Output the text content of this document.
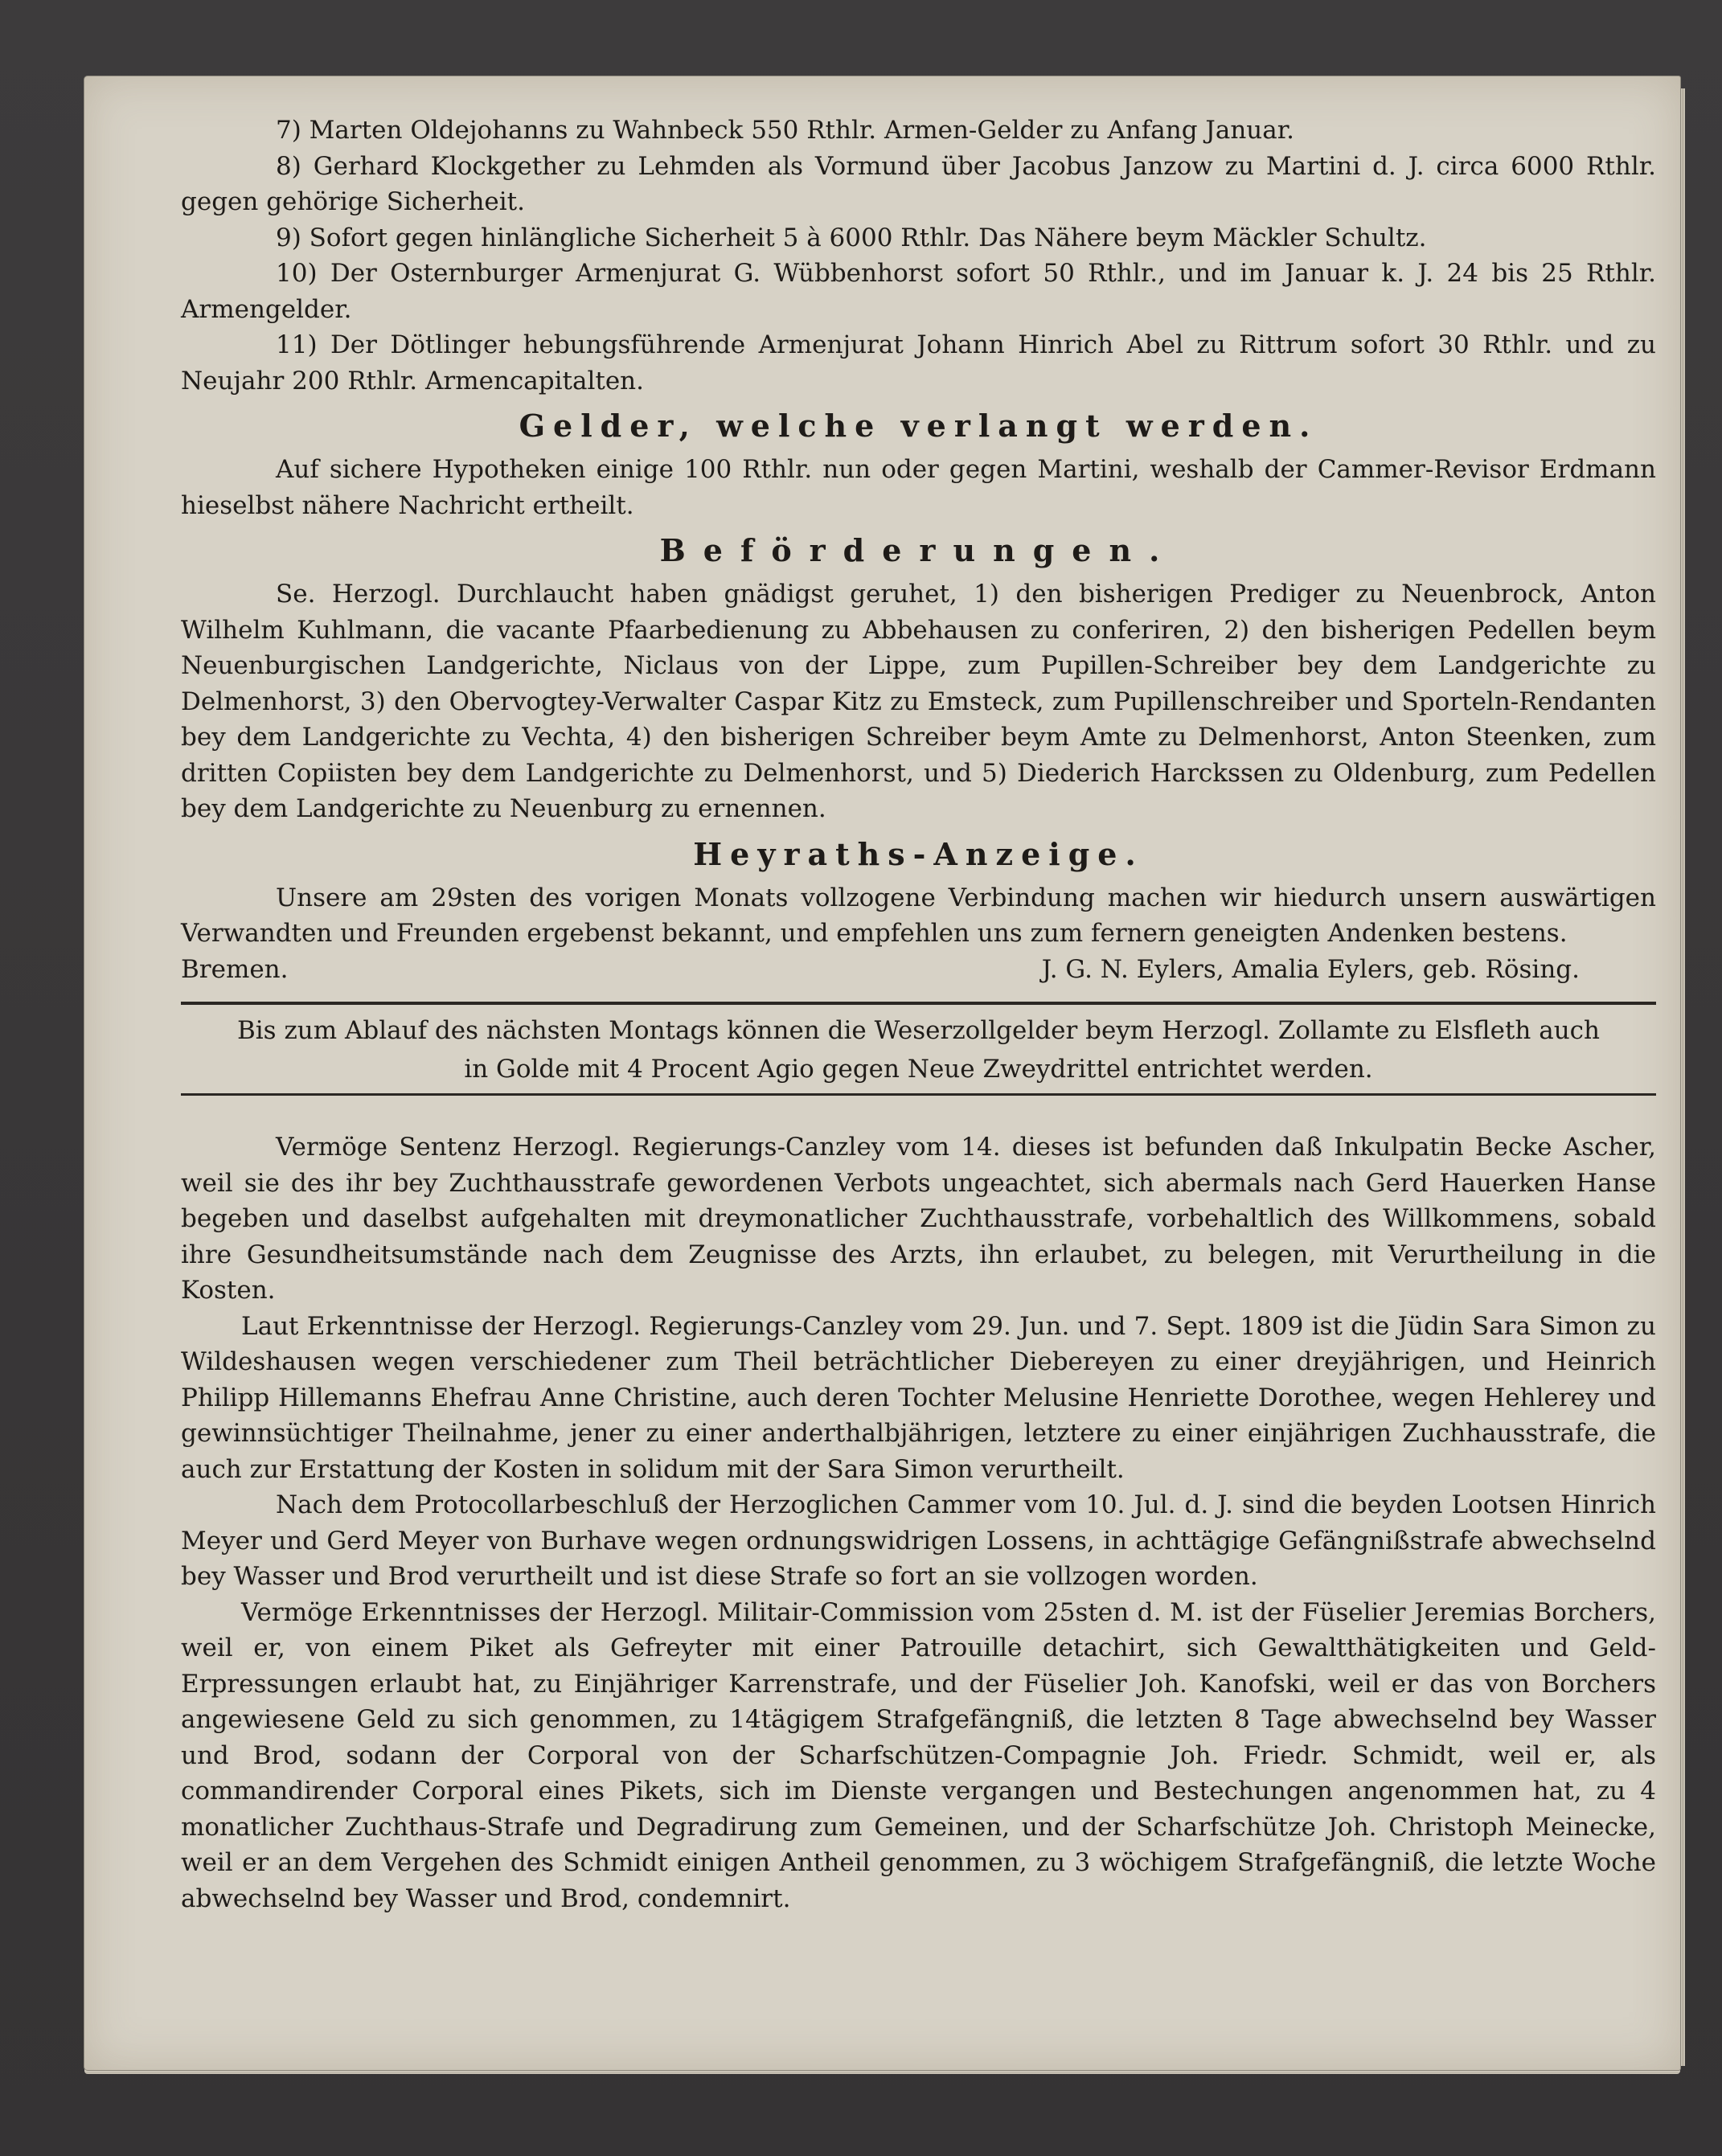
7) Marten Oldejohanns zu Wahnbeck 550 Rthlr. Armen-Gelder zu Anfang Januar.

8) Gerhard Klockgether zu Lehmden als Vormund über Jacobus Janzow zu Martini d. J. circa 6000 Rthlr. gegen gehörige Sicherheit.

9) Sofort gegen hinlängliche Sicherheit 5 à 6000 Rthlr. Das Nähere beym Mäckler Schultz.

10) Der Osternburger Armenjurat G. Wübbenhorst sofort 50 Rthlr., und im Januar k. J. 24 bis 25 Rthlr. Armengelder.

11) Der Dötlinger hebungsführende Armenjurat Johann Hinrich Abel zu Rittrum sofort 30 Rthlr. und zu Neujahr 200 Rthlr. Armencapitalten.

Gelder, welche verlangt werden.

Auf sichere Hypotheken einige 100 Rthlr. nun oder gegen Martini, weshalb der Cammer-Revisor Erdmann hieselbst nähere Nachricht ertheilt.

Beförderungen.

Se. Herzogl. Durchlaucht haben gnädigst geruhet, 1) den bisherigen Prediger zu Neuenbrock, Anton Wilhelm Kuhlmann, die vacante Pfaarbedienung zu Abbehausen zu conferiren, 2) den bisherigen Pedellen beym Neuenburgischen Landgerichte, Niclaus von der Lippe, zum Pupillen-Schreiber bey dem Landgerichte zu Delmenhorst, 3) den Obervogtey-Verwalter Caspar Kitz zu Emsteck, zum Pupillenschreiber und Sporteln-Rendanten bey dem Landgerichte zu Vechta, 4) den bisherigen Schreiber beym Amte zu Delmenhorst, Anton Steenken, zum dritten Copiisten bey dem Landgerichte zu Delmenhorst, und 5) Diederich Harckssen zu Oldenburg, zum Pedellen bey dem Landgerichte zu Neuenburg zu ernennen.

Heyraths-Anzeige.

Unsere am 29sten des vorigen Monats vollzogene Verbindung machen wir hiedurch unsern auswärtigen Verwandten und Freunden ergebenst bekannt, und empfehlen uns zum fernern geneigten Andenken bestens.

Bremen.	J. G. N. Eylers, Amalia Eylers, geb. Rösing.

Bis zum Ablauf des nächsten Montags können die Weserzollgelder beym Herzogl. Zollamte zu Elsfleth auch
in Golde mit 4 Procent Agio gegen Neue Zweydrittel entrichtet werden.

Vermöge Sentenz Herzogl. Regierungs-Canzley vom 14. dieses ist befunden daß Inkulpatin Becke Ascher, weil sie des ihr bey Zuchthausstrafe gewordenen Verbots ungeachtet, sich abermals nach Gerd Hauerken Hanse begeben und daselbst aufgehalten mit dreymonatlicher Zuchthausstrafe, vorbehaltlich des Willkommens, sobald ihre Gesundheitsumstände nach dem Zeugnisse des Arzts, ihn erlaubet, zu belegen, mit Verurtheilung in die Kosten.

Laut Erkenntnisse der Herzogl. Regierungs-Canzley vom 29. Jun. und 7. Sept. 1809 ist die Jüdin Sara Simon zu Wildeshausen wegen verschiedener zum Theil beträchtlicher Diebereyen zu einer dreyjährigen, und Heinrich Philipp Hillemanns Ehefrau Anne Christine, auch deren Tochter Melusine Henriette Dorothee, wegen Hehlerey und gewinnsüchtiger Theilnahme, jener zu einer anderthalbjährigen, letztere zu einer einjährigen Zuchhausstrafe, die auch zur Erstattung der Kosten in solidum mit der Sara Simon verurtheilt.

Nach dem Protocollarbeschluß der Herzoglichen Cammer vom 10. Jul. d. J. sind die beyden Lootsen Hinrich Meyer und Gerd Meyer von Burhave wegen ordnungswidrigen Lossens, in achttägige Gefängnißstrafe abwechselnd bey Wasser und Brod verurtheilt und ist diese Strafe so fort an sie vollzogen worden.

Vermöge Erkenntnisses der Herzogl. Militair-Commission vom 25sten d. M. ist der Füselier Jeremias Borchers, weil er, von einem Piket als Gefreyter mit einer Patrouille detachirt, sich Gewaltthätigkeiten und Geld-Erpressungen erlaubt hat, zu Einjähriger Karrenstrafe, und der Füselier Joh. Kanofski, weil er das von Borchers angewiesene Geld zu sich genommen, zu 14tägigem Strafgefängniß, die letzten 8 Tage abwechselnd bey Wasser und Brod, sodann der Corporal von der Scharfschützen-Compagnie Joh. Friedr. Schmidt, weil er, als commandirender Corporal eines Pikets, sich im Dienste vergangen und Bestechungen angenommen hat, zu 4 monatlicher Zuchthaus-Strafe und Degradirung zum Gemeinen, und der Scharfschütze Joh. Christoph Meinecke, weil er an dem Vergehen des Schmidt einigen Antheil genommen, zu 3 wöchigem Strafgefängniß, die letzte Woche abwechselnd bey Wasser und Brod, condemnirt.
